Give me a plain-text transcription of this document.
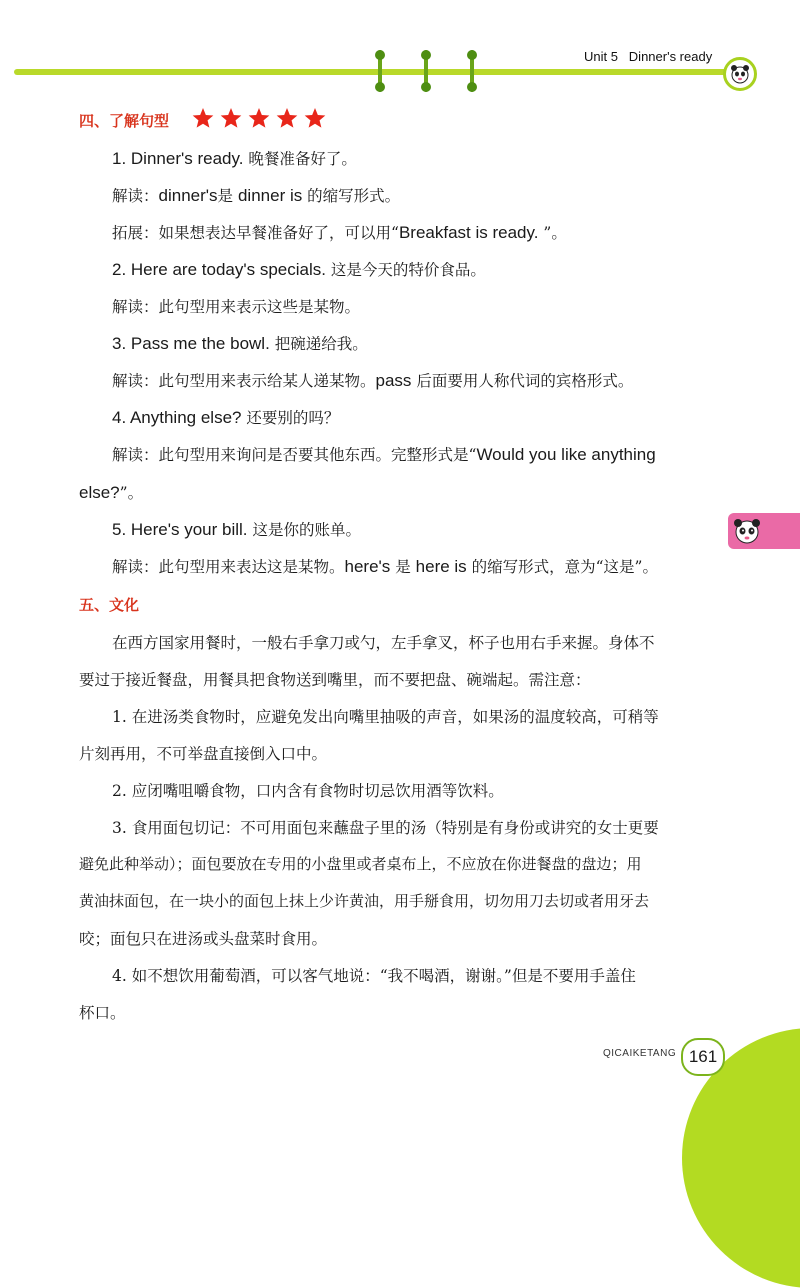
Unit 5   Dinner's ready
四、了解句型

1. Dinner's ready. 晚餐准备好了。
解读：dinner's是 dinner is 的缩写形式。
拓展：如果想表达早餐准备好了，可以用“Breakfast is ready. ”。
2. Here are today's specials. 这是今天的特价食品。
解读：此句型用来表示这些是某物。
3. Pass me the bowl. 把碗递给我。
解读：此句型用来表示给某人递某物。pass 后面要用人称代词的宾格形式。
4. Anything else? 还要别的吗？
解读：此句型用来询问是否要其他东西。完整形式是“Would you like anything
else?”。
5. Here's your bill. 这是你的账单。
解读：此句型用来表达这是某物。here's 是 here is 的缩写形式，意为“这是”。
五、文化
在西方国家用餐时，一般右手拿刀或勺，左手拿叉，杯子也用右手来握。身体不
要过于接近餐盘，用餐具把食物送到嘴里，而不要把盘、碗端起。需注意：
1. 在进汤类食物时，应避免发出向嘴里抽吸的声音，如果汤的温度较高，可稍等
片刻再用，不可举盘直接倒入口中。
2. 应闭嘴咀嚼食物，口内含有食物时切忌饮用酒等饮料。
3. 食用面包切记：不可用面包来蘸盘子里的汤（特别是有身份或讲究的女士更要
避免此种举动）；面包要放在专用的小盘里或者桌布上，不应放在你进餐盘的盘边；用
黄油抹面包，在一块小的面包上抹上少许黄油，用手掰食用，切勿用刀去切或者用牙去
咬；面包只在进汤或头盘菜时食用。
4. 如不想饮用葡萄酒，可以客气地说：“我不喝酒，谢谢。”但是不要用手盖住
杯口。
QICAIKETANG 161
